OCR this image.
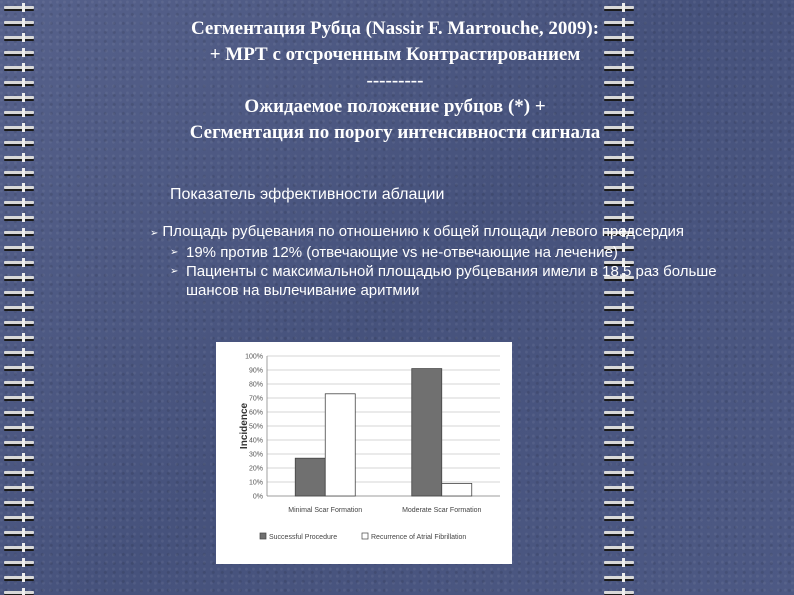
Сегментация Рубца (Nassir F. Marrouche, 2009):
+ МРТ с отсроченным Контрастированием
---------
Ожидаемое положение рубцов (*) +
Сегментация по порогу интенсивности сигнала
Показатель эффективности аблации
➢ Площадь рубцевания по отношению к общей площади левого предсердия
➢ 19% против 12% (отвечающие vs не-отвечающие на лечение)
➢ Пациенты с максимальной площадью рубцевания имели в 18,5 раз больше шансов на вылечивание аритмии
0%
10%
20%
30%
40%
50%
60%
70%
80%
90%
100%
Incidence
Minimal Scar Formation	Moderate Scar Formation
Successful Procedure	Recurrence of Atrial Fibrillation
